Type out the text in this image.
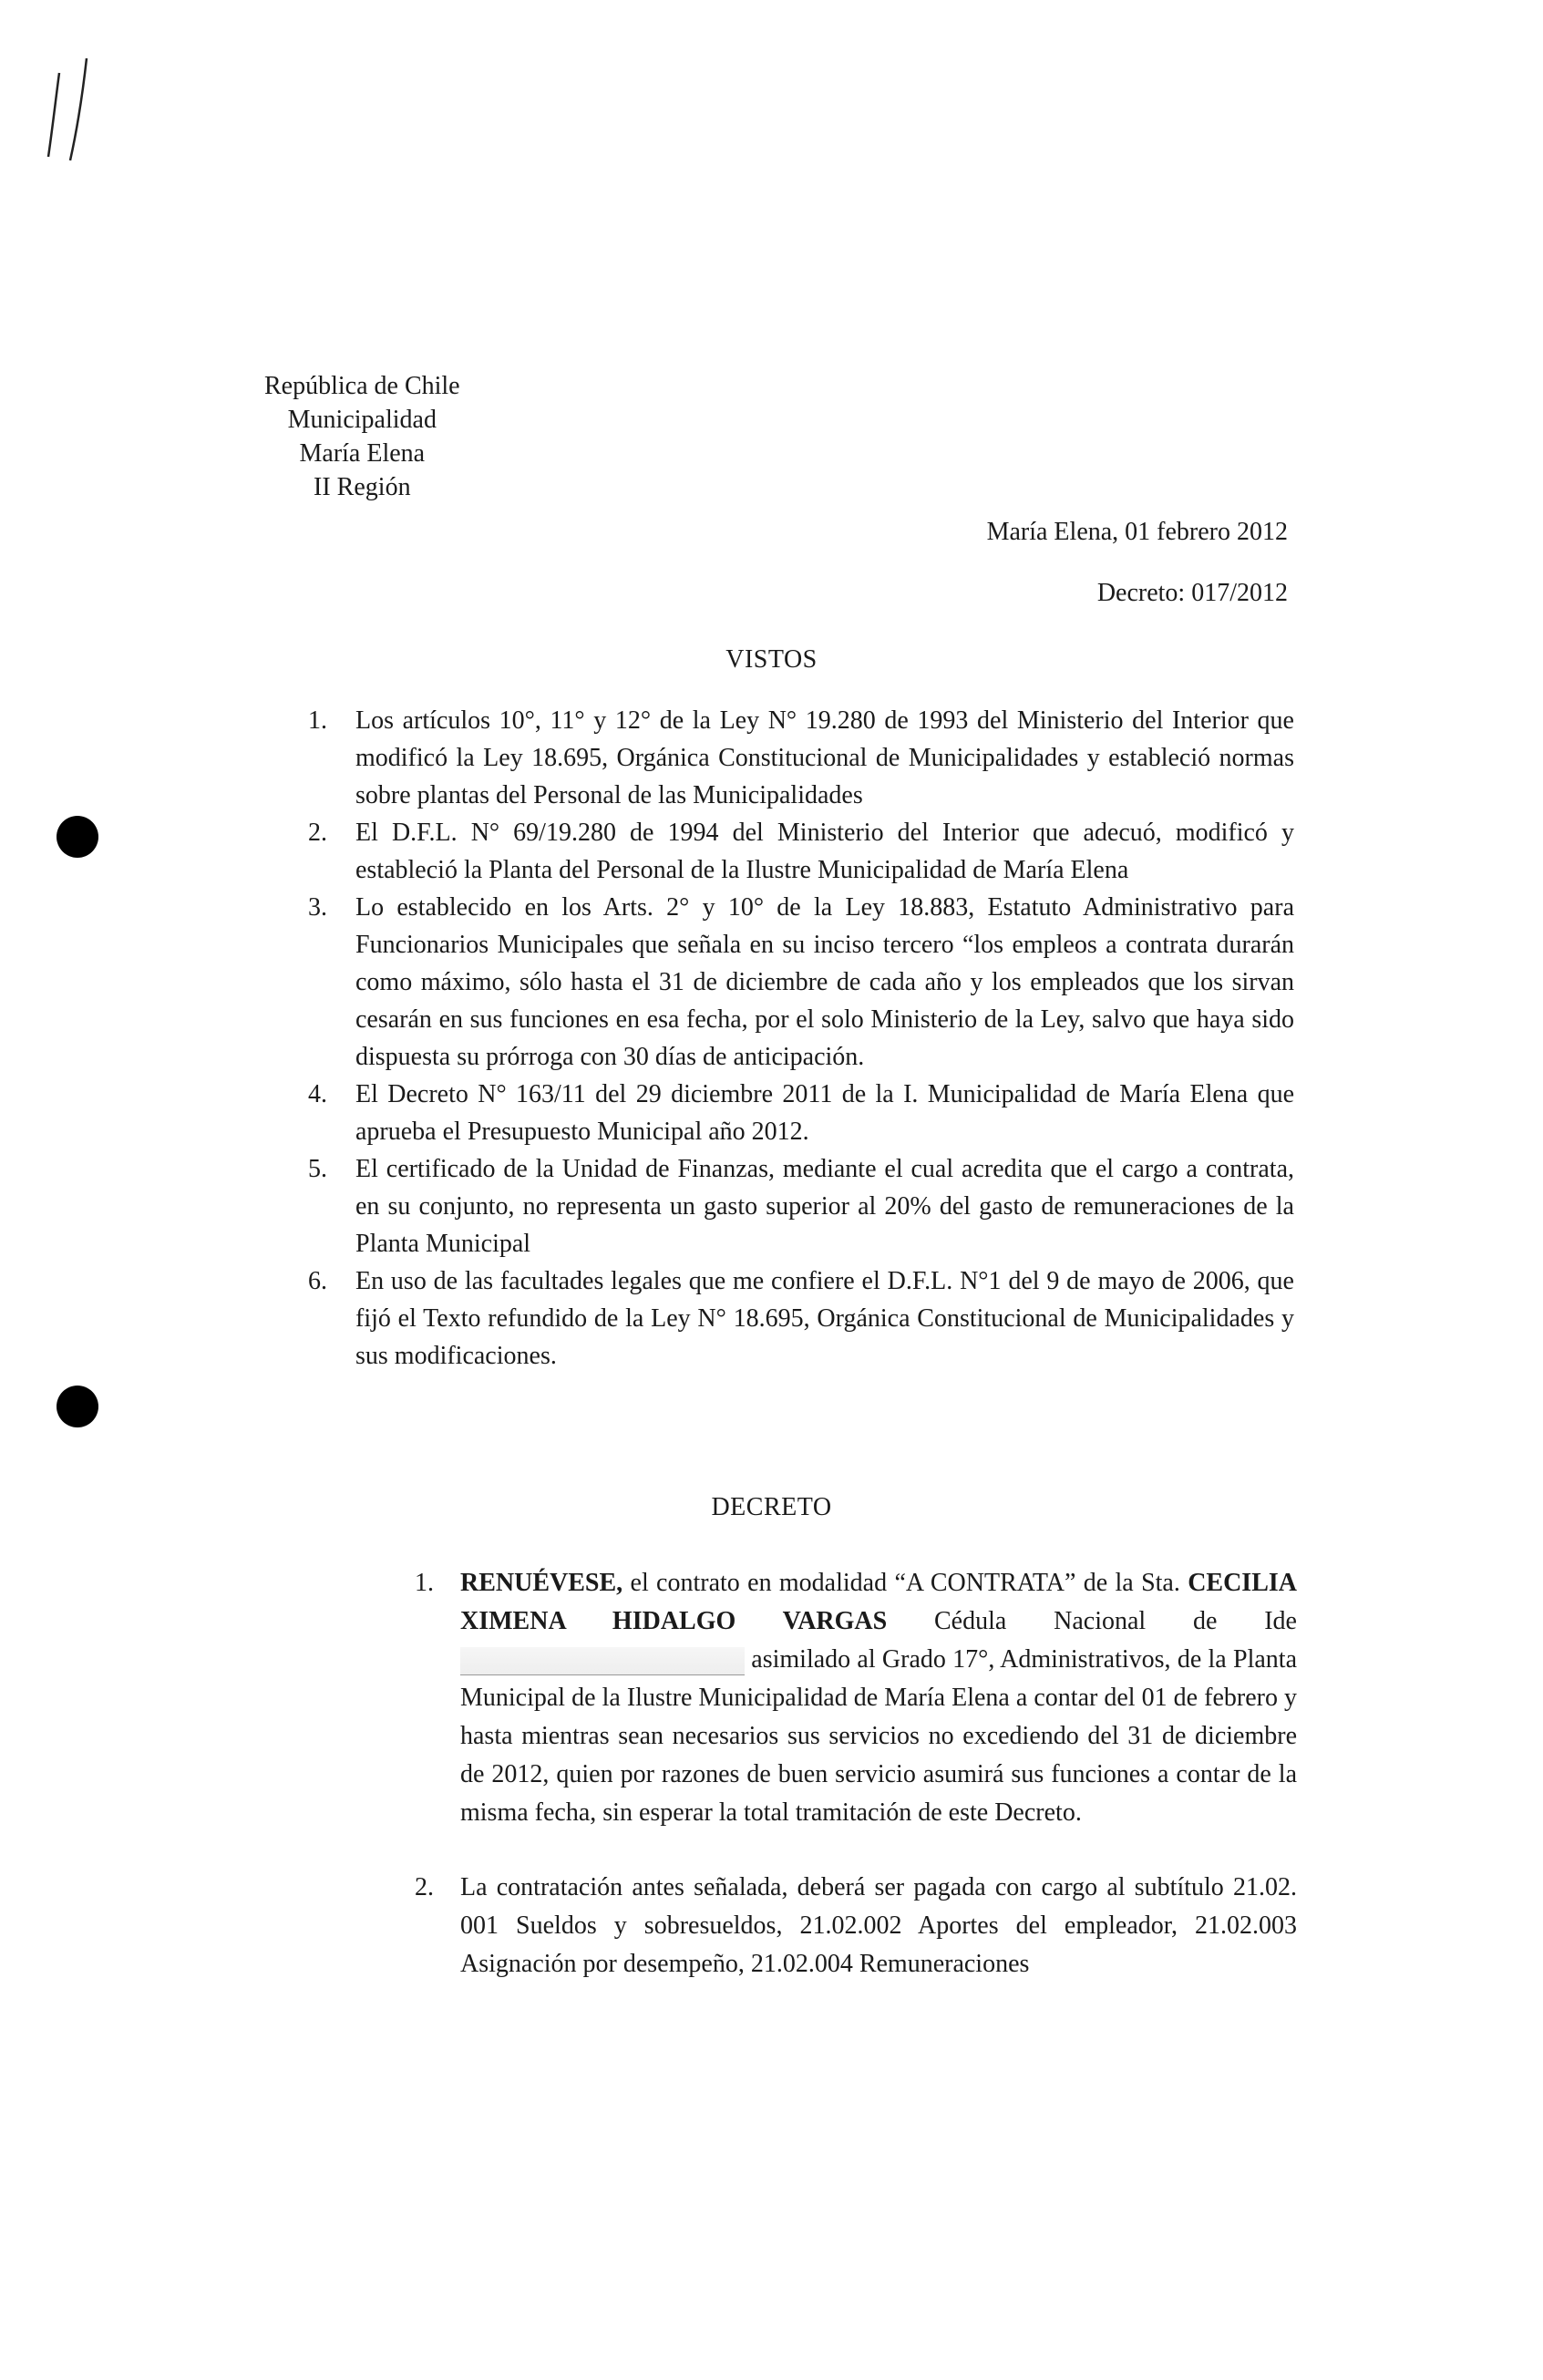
República de Chile
Municipalidad
María Elena
II Región
María Elena, 01 febrero 2012
Decreto: 017/2012
VISTOS
1. Los artículos 10°, 11° y 12° de la Ley N° 19.280 de 1993 del Ministerio del Interior que modificó la Ley 18.695, Orgánica Constitucional de Municipalidades y estableció normas sobre plantas del Personal de las Municipalidades
2. El D.F.L. N° 69/19.280 de 1994 del Ministerio del Interior que adecuó, modificó y estableció la Planta del Personal de la Ilustre Municipalidad de María Elena
3. Lo establecido en los Arts. 2° y 10° de la Ley 18.883, Estatuto Administrativo para Funcionarios Municipales que señala en su inciso tercero “los empleos a contrata durarán como máximo, sólo hasta el 31 de diciembre de cada año y los empleados que los sirvan cesarán en sus funciones en esa fecha, por el solo Ministerio de la Ley, salvo que haya sido dispuesta su prórroga con 30 días de anticipación.
4. El Decreto N° 163/11 del 29 diciembre 2011 de la I. Municipalidad de María Elena que aprueba el Presupuesto Municipal año 2012.
5. El certificado de la Unidad de Finanzas, mediante el cual acredita que el cargo a contrata, en su conjunto, no representa un gasto superior al 20% del gasto de remuneraciones de la Planta Municipal
6. En uso de las facultades legales que me confiere el D.F.L. N°1 del 9 de mayo de 2006, que fijó el Texto refundido de la Ley N° 18.695, Orgánica Constitucional de Municipalidades y sus modificaciones.
DECRETO
1. RENUÉVESE, el contrato en modalidad “A CONTRATA” de la Sta. CECILIA XIMENA HIDALGO VARGAS Cédula Nacional de Ide asimilado al Grado 17°, Administrativos, de la Planta Municipal de la Ilustre Municipalidad de María Elena a contar del 01 de febrero y hasta mientras sean necesarios sus servicios no excediendo del 31 de diciembre de 2012, quien por razones de buen servicio asumirá sus funciones a contar de la misma fecha, sin esperar la total tramitación de este Decreto.
2. La contratación antes señalada, deberá ser pagada con cargo al subtítulo 21.02. 001 Sueldos y sobresueldos, 21.02.002 Aportes del empleador, 21.02.003 Asignación por desempeño, 21.02.004 Remuneraciones
